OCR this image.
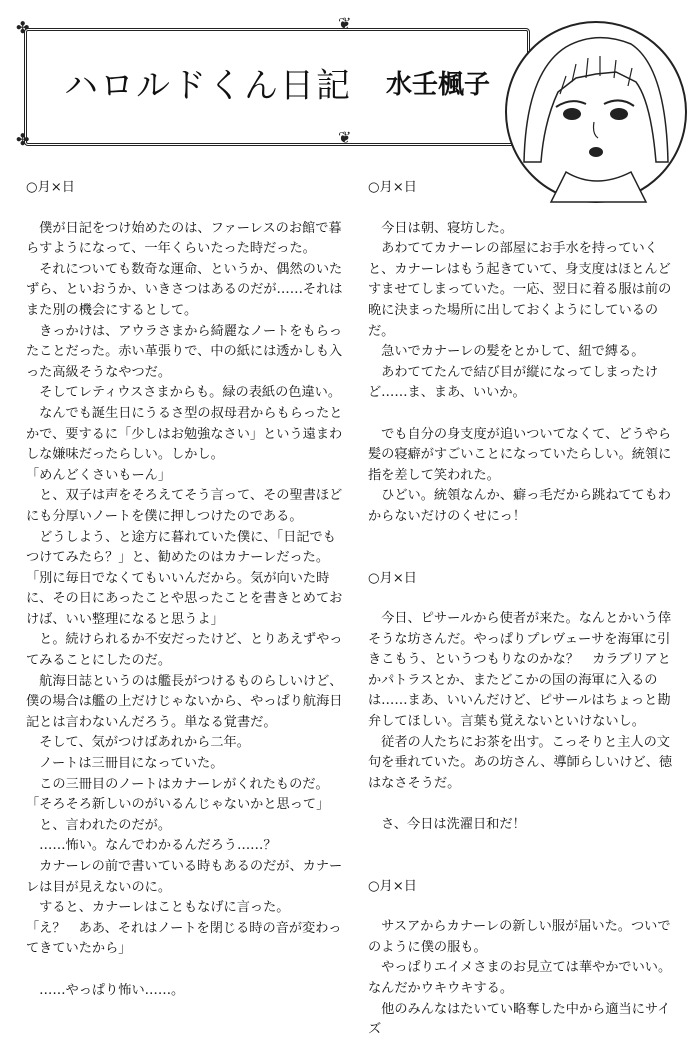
❦
❦
✤
✤
ハロルドくん日記 水壬楓子

○月×日

　僕が日記をつけ始めたのは、ファーレスのお館で暮らすようになって、一年くらいたった時だった。

　それについても数奇な運命、というか、偶然のいたずら、といおうか、いきさつはあるのだが……それはまた別の機会にするとして。

　きっかけは、アウラさまから綺麗なノートをもらったことだった。赤い革張りで、中の紙には透かしも入った高級そうなやつだ。

　そしてレティウスさまからも。緑の表紙の色違い。

　なんでも誕生日にうるさ型の叔母君からもらったとかで、要するに「少しはお勉強なさい」という遠まわしな嫌味だったらしい。しかし。

「めんどくさいもーん」

　と、双子は声をそろえてそう言って、その聖書ほどにも分厚いノートを僕に押しつけたのである。

　どうしよう、と途方に暮れていた僕に、「日記でもつけてみたら？」と、勧めたのはカナーレだった。

「別に毎日でなくてもいいんだから。気が向いた時に、その日にあったことや思ったことを書きとめておけば、いい整理になると思うよ」

　と。続けられるか不安だったけど、とりあえずやってみることにしたのだ。

　航海日誌というのは艦長がつけるものらしいけど、僕の場合は艦の上だけじゃないから、やっぱり航海日記とは言わないんだろう。単なる覚書だ。

　そして、気がつけばあれから二年。

　ノートは三冊目になっていた。

　この三冊目のノートはカナーレがくれたものだ。

「そろそろ新しいのがいるんじゃないかと思って」

　と、言われたのだが。

　……怖い。なんでわかるんだろう……？

　カナーレの前で書いている時もあるのだが、カナーレは目が見えないのに。

　すると、カナーレはこともなげに言った。

「え？　ああ、それはノートを閉じる時の音が変わってきていたから」

　……やっぱり怖い……。

○月×日

　今日は朝、寝坊した。

　あわててカナーレの部屋にお手水を持っていくと、カナーレはもう起きていて、身支度はほとんどすませてしまっていた。一応、翌日に着る服は前の晩に決まった場所に出しておくようにしているのだ。

　急いでカナーレの髪をとかして、紐で縛る。

　あわててたんで結び目が縦になってしまったけど……ま、まあ、いいか。

　でも自分の身支度が追いついてなくて、どうやら髪の寝癖がすごいことになっていたらしい。統領に指を差して笑われた。

　ひどい。統領なんか、癖っ毛だから跳ねててもわからないだけのくせにっ！

○月×日

　今日、ピサールから使者が来た。なんとかいう倖そうな坊さんだ。やっぱりプレヴェーサを海軍に引きこもう、というつもりなのかな？　カラブリアとかパトラスとか、またどこかの国の海軍に入るのは……まあ、いいんだけど、ピサールはちょっと勘弁してほしい。言葉も覚えないといけないし。

　従者の人たちにお茶を出す。こっそりと主人の文句を垂れていた。あの坊さん、導師らしいけど、徳はなさそうだ。

　さ、今日は洗濯日和だ！

○月×日

　サスアからカナーレの新しい服が届いた。ついでのように僕の服も。

　やっぱりエイメさまのお見立ては華やかでいい。なんだかウキウキする。

　他のみんなはたいてい略奪した中から適当にサイズ
